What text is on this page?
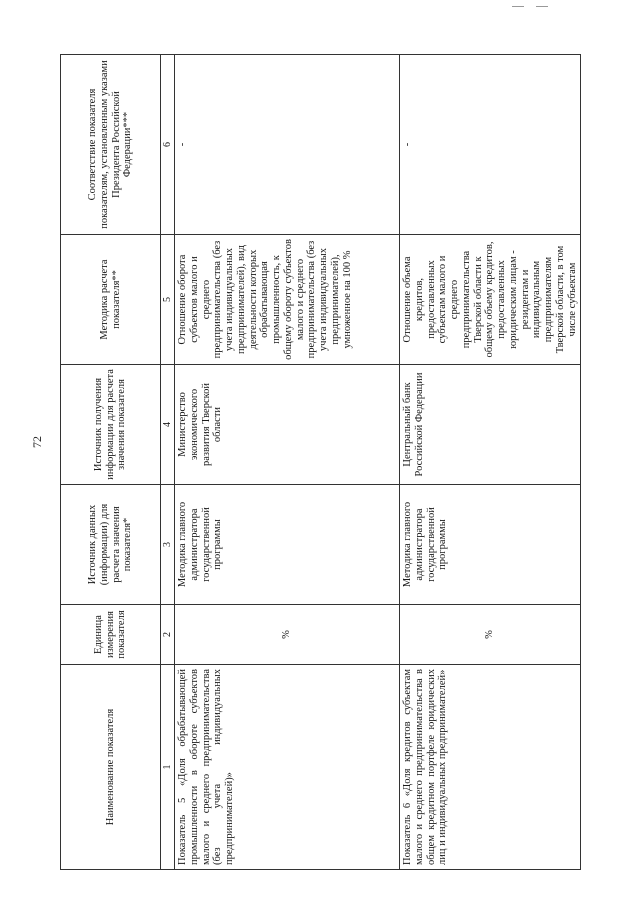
72
Наименование показателя	Единица измерения показателя	Источник данных (информации) для расчета значения показателя*	Источник получения информации для расчета значения показателя	Методика расчета показателя**	Соответствие показателя показателям, установленным указами Президента Российской Федерации***
1	2	3	4	5	6
Показатель 5 «Доля обрабатывающей промышленности в обороте субъектов малого и среднего предпринимательства (без учета индивидуальных предпринимателей)»	%	Методика главного администратора государственной программы	Министерство экономического развития Тверской области	Отношение оборота субъектов малого и среднего предпринимательства (без учета индивидуальных предпринимателей), вид деятельности которых обрабатывающая промышленность, к общему обороту субъектов малого и среднего предпринимательства (без учета индивидуальных предпринимателей), умноженное на 100 %	-
Показатель 6 «Доля кредитов субъектам малого и среднего предпринимательства в общем кредитном портфеле юридических лиц и индивидуальных предпринимателей»	%	Методика главного администратора государственной программы	Центральный банк Российской Федерации	Отношение объема кредитов, предоставленных субъектам малого и среднего предпринимательства Тверской области к общему объему кредитов, предоставленных юридическим лицам - резидентам и индивидуальным предпринимателям Тверской области, в том числе субъектам	-
